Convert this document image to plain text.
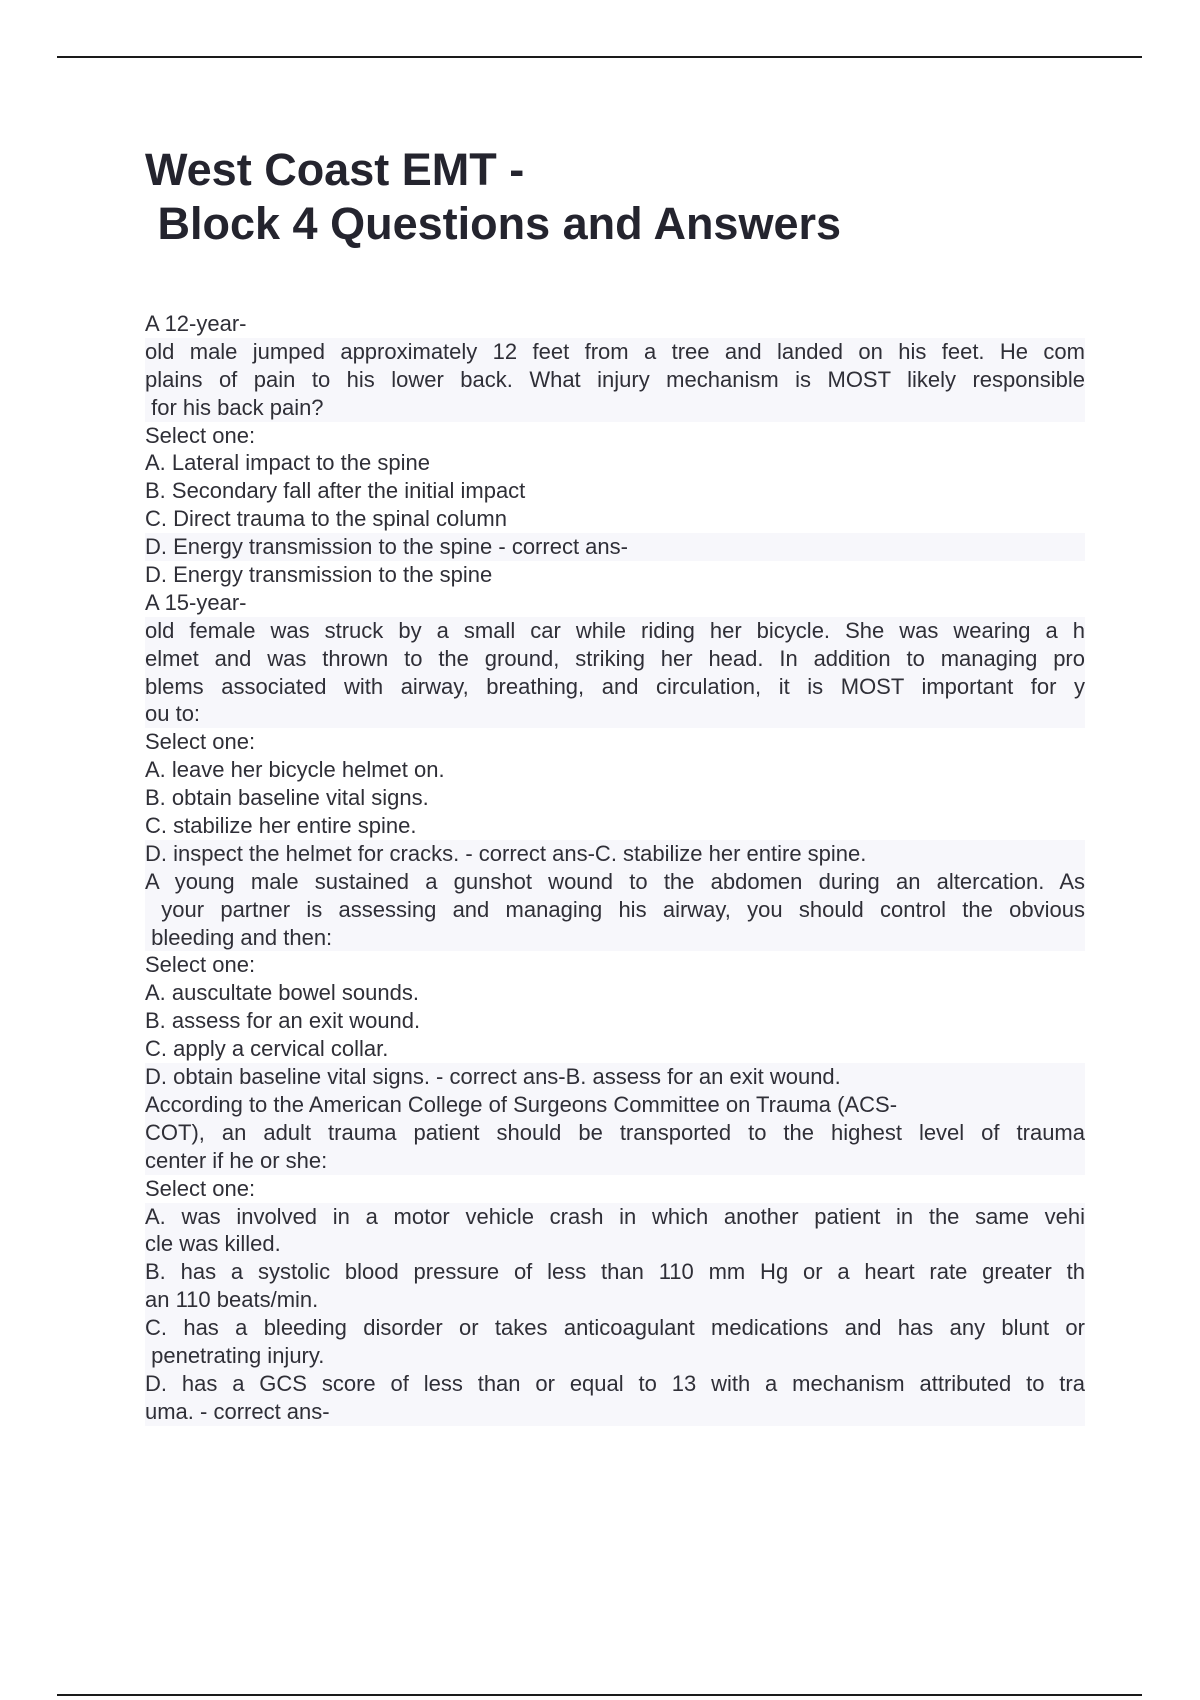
West Coast EMT -
Block 4 Questions and Answers
A 12-year-
old male jumped approximately 12 feet from a tree and landed on his feet. He com
plains of pain to his lower back. What injury mechanism is MOST likely responsible
for his back pain?
Select one:
A. Lateral impact to the spine
B. Secondary fall after the initial impact
C. Direct trauma to the spinal column
D. Energy transmission to the spine - correct ans-
D. Energy transmission to the spine
A 15-year-
old female was struck by a small car while riding her bicycle. She was wearing a h
elmet and was thrown to the ground, striking her head. In addition to managing pro
blems associated with airway, breathing, and circulation, it is MOST important for y
ou to:
Select one:
A. leave her bicycle helmet on.
B. obtain baseline vital signs.
C. stabilize her entire spine.
D. inspect the helmet for cracks. - correct ans-C. stabilize her entire spine.
A young male sustained a gunshot wound to the abdomen during an altercation. As
your partner is assessing and managing his airway, you should control the obvious
bleeding and then:
Select one:
A. auscultate bowel sounds.
B. assess for an exit wound.
C. apply a cervical collar.
D. obtain baseline vital signs. - correct ans-B. assess for an exit wound.
According to the American College of Surgeons Committee on Trauma (ACS-
COT), an adult trauma patient should be transported to the highest level of trauma
center if he or she:
Select one:
A. was involved in a motor vehicle crash in which another patient in the same vehi
cle was killed.
B. has a systolic blood pressure of less than 110 mm Hg or a heart rate greater th
an 110 beats/min.
C. has a bleeding disorder or takes anticoagulant medications and has any blunt or
penetrating injury.
D. has a GCS score of less than or equal to 13 with a mechanism attributed to tra
uma. - correct ans-
